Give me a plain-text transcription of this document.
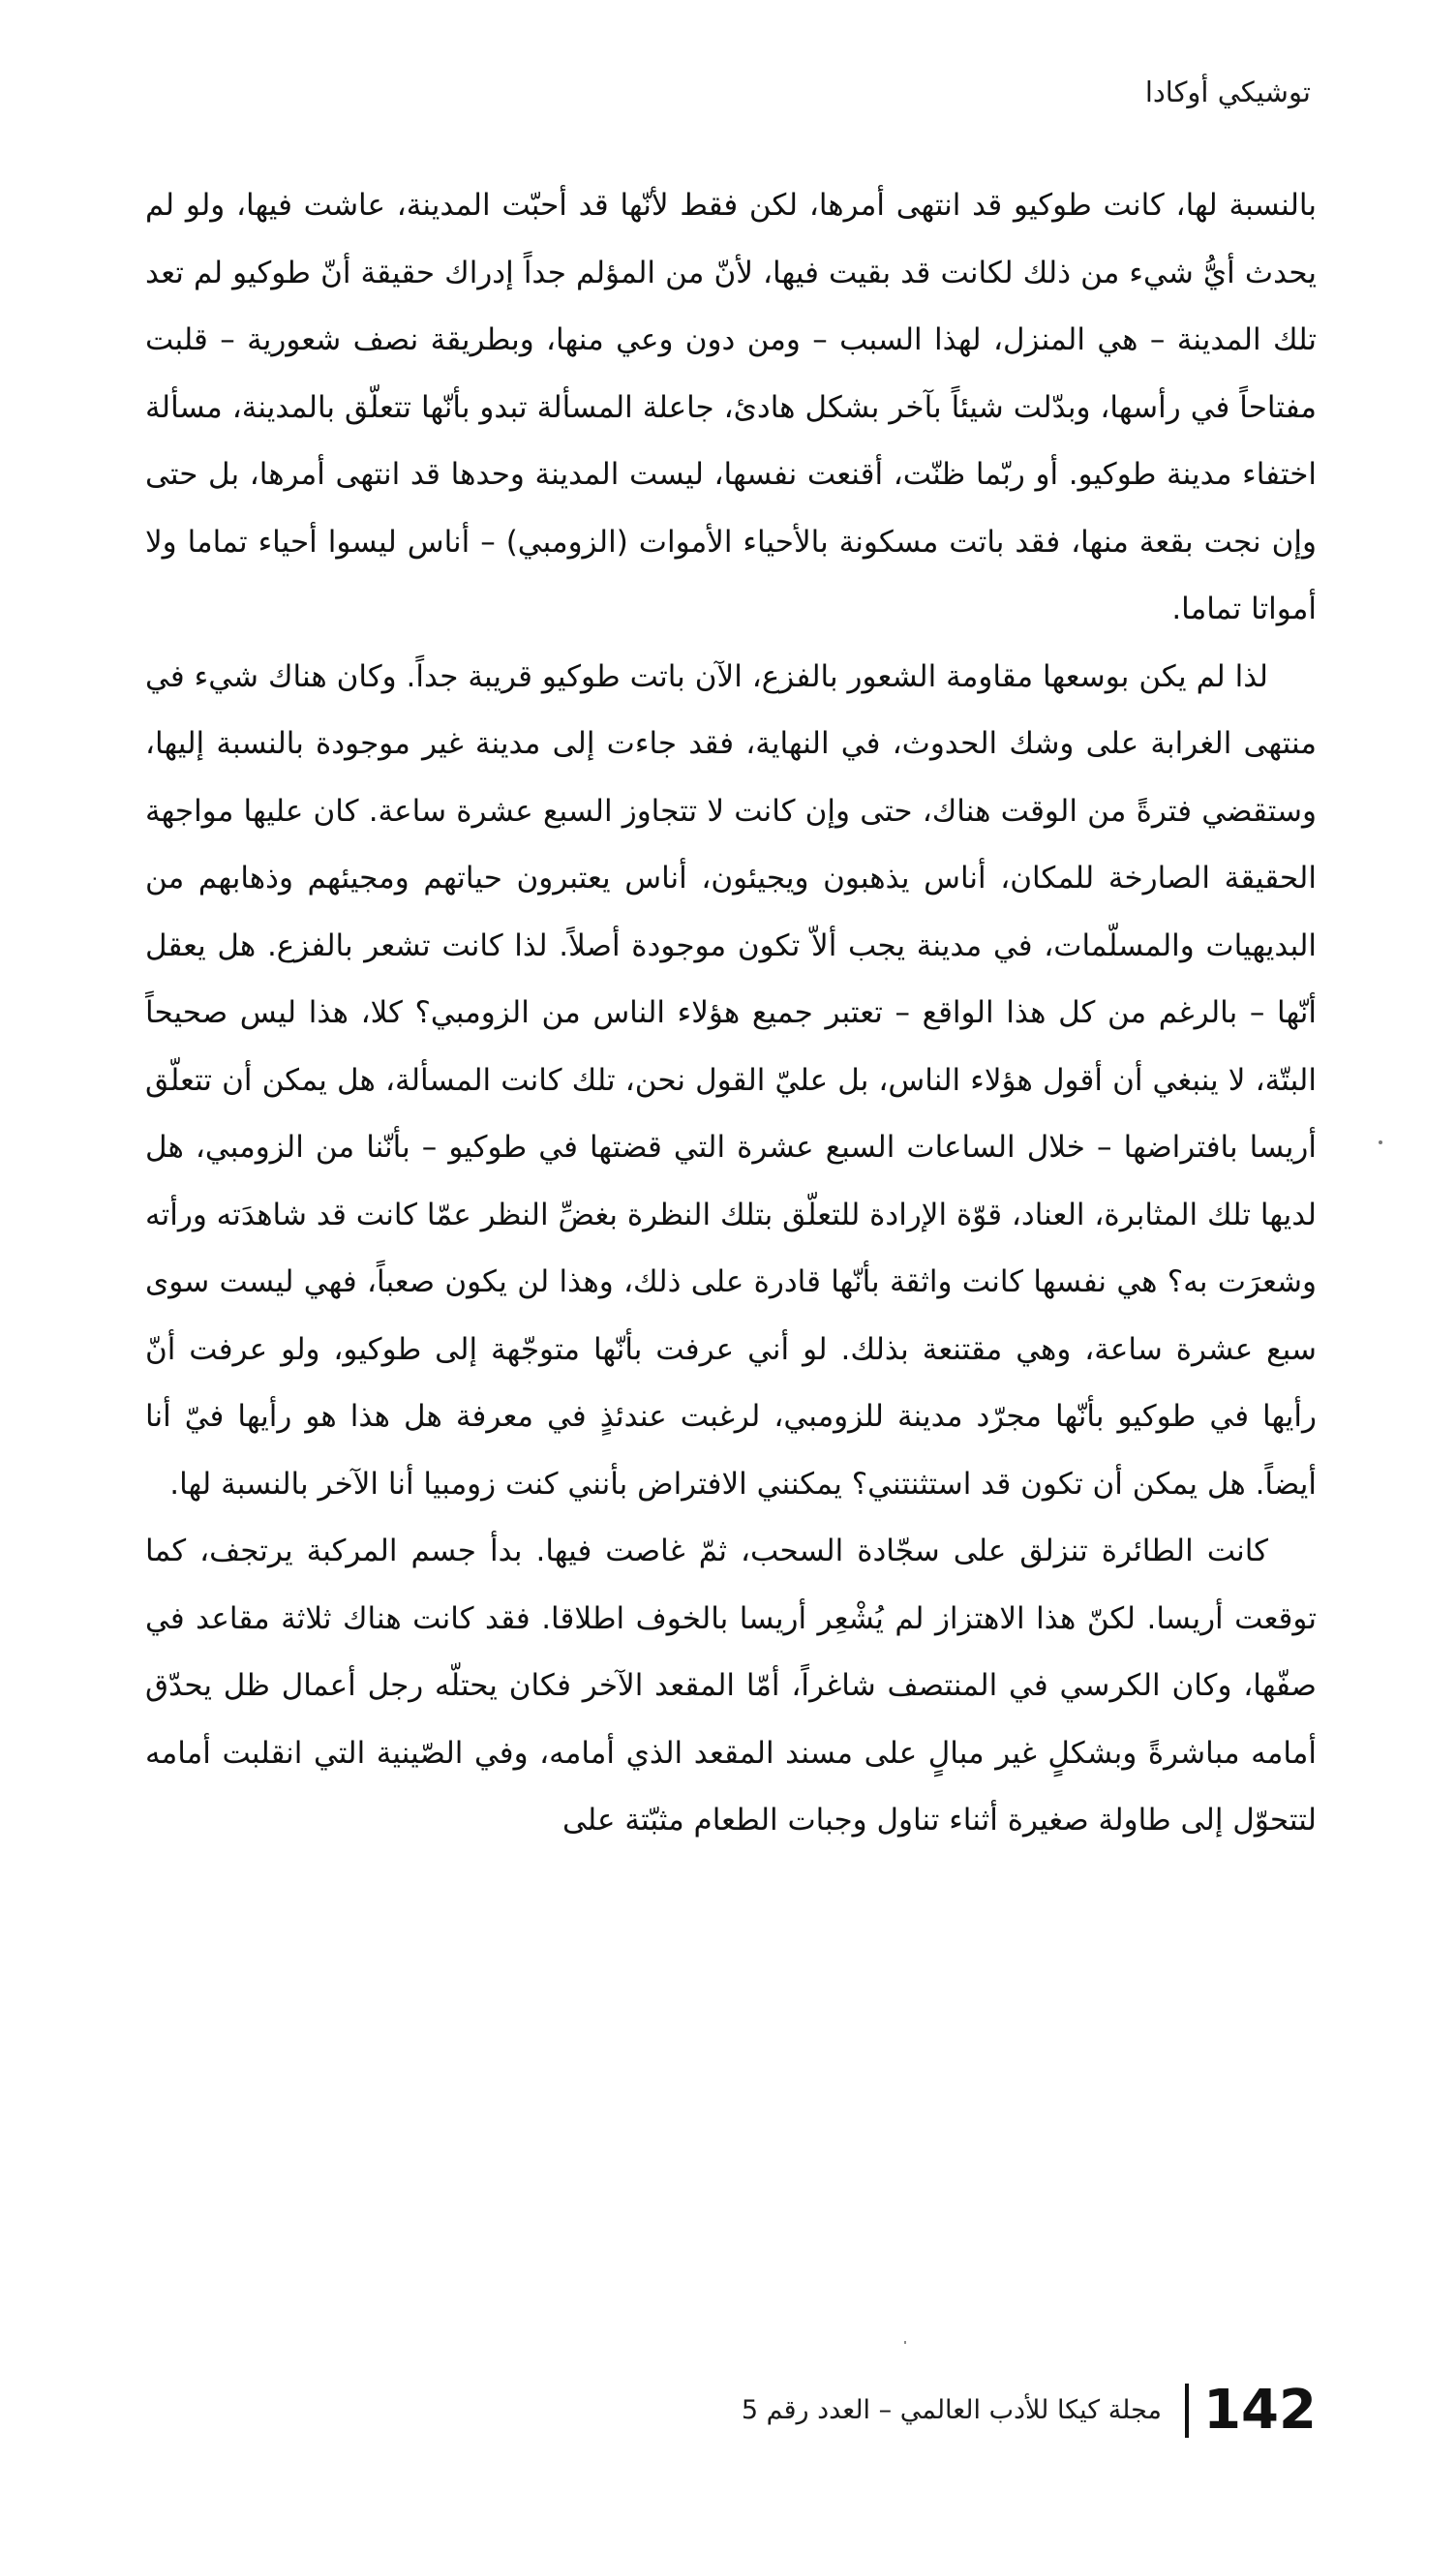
توشيكي أوكادا

بالنسبة لها، كانت طوكيو قد انتهى أمرها، لكن فقط لأنّها قد أحبّت المدينة، عاشت فيها، ولو لم يحدث أيُّ شيء من ذلك لكانت قد بقيت فيها، لأنّ من المؤلم جداً إدراك حقيقة أنّ طوكيو لم تعد تلك المدينة – هي المنزل، لهذا السبب – ومن دون وعي منها، وبطريقة نصف شعورية – قلبت مفتاحاً في رأسها، وبدّلت شيئاً بآخر بشكل هادئ، جاعلة المسألة تبدو بأنّها تتعلّق بالمدينة، مسألة اختفاء مدينة طوكيو. أو ربّما ظنّت، أقنعت نفسها، ليست المدينة وحدها قد انتهى أمرها، بل حتى وإن نجت بقعة منها، فقد باتت مسكونة بالأحياء الأموات (الزومبي) – أناس ليسوا أحياء تماما ولا أمواتا تماما.

لذا لم يكن بوسعها مقاومة الشعور بالفزع، الآن باتت طوكيو قريبة جداً. وكان هناك شيء في منتهى الغرابة على وشك الحدوث، في النهاية، فقد جاءت إلى مدينة غير موجودة بالنسبة إليها، وستقضي فترةً من الوقت هناك، حتى وإن كانت لا تتجاوز السبع عشرة ساعة. كان عليها مواجهة الحقيقة الصارخة للمكان، أناس يذهبون ويجيئون، أناس يعتبرون حياتهم ومجيئهم وذهابهم من البديهيات والمسلّمات، في مدينة يجب ألاّ تكون موجودة أصلاً. لذا كانت تشعر بالفزع. هل يعقل أنّها – بالرغم من كل هذا الواقع – تعتبر جميع هؤلاء الناس من الزومبي؟ كلا، هذا ليس صحيحاً البتّة، لا ينبغي أن أقول هؤلاء الناس، بل عليّ القول نحن، تلك كانت المسألة، هل يمكن أن تتعلّق أريسا بافتراضها – خلال الساعات السبع عشرة التي قضتها في طوكيو – بأنّنا من الزومبي، هل لديها تلك المثابرة، العناد، قوّة الإرادة للتعلّق بتلك النظرة بغضِّ النظر عمّا كانت قد شاهدَته ورأته وشعرَت به؟ هي نفسها كانت واثقة بأنّها قادرة على ذلك، وهذا لن يكون صعباً، فهي ليست سوى سبع عشرة ساعة، وهي مقتنعة بذلك. لو أني عرفت بأنّها متوجّهة إلى طوكيو، ولو عرفت أنّ رأيها في طوكيو بأنّها مجرّد مدينة للزومبي، لرغبت عندئذٍ في معرفة هل هذا هو رأيها فيّ أنا أيضاً. هل يمكن أن تكون قد استثنتني؟ يمكنني الافتراض بأنني كنت زومبيا أنا الآخر بالنسبة لها.

كانت الطائرة تنزلق على سجّادة السحب، ثمّ غاصت فيها. بدأ جسم المركبة يرتجف، كما توقعت أريسا. لكنّ هذا الاهتزاز لم يُشْعِر أريسا بالخوف اطلاقا. فقد كانت هناك ثلاثة مقاعد في صفّها، وكان الكرسي في المنتصف شاغراً، أمّا المقعد الآخر فكان يحتلّه رجل أعمال ظل يحدّق أمامه مباشرةً وبشكلٍ غير مبالٍ على مسند المقعد الذي أمامه، وفي الصّينية التي انقلبت أمامه لتتحوّل إلى طاولة صغيرة أثناء تناول وجبات الطعام مثبّتة على

142
مجلة كيكا للأدب العالمي – العدد رقم 5
